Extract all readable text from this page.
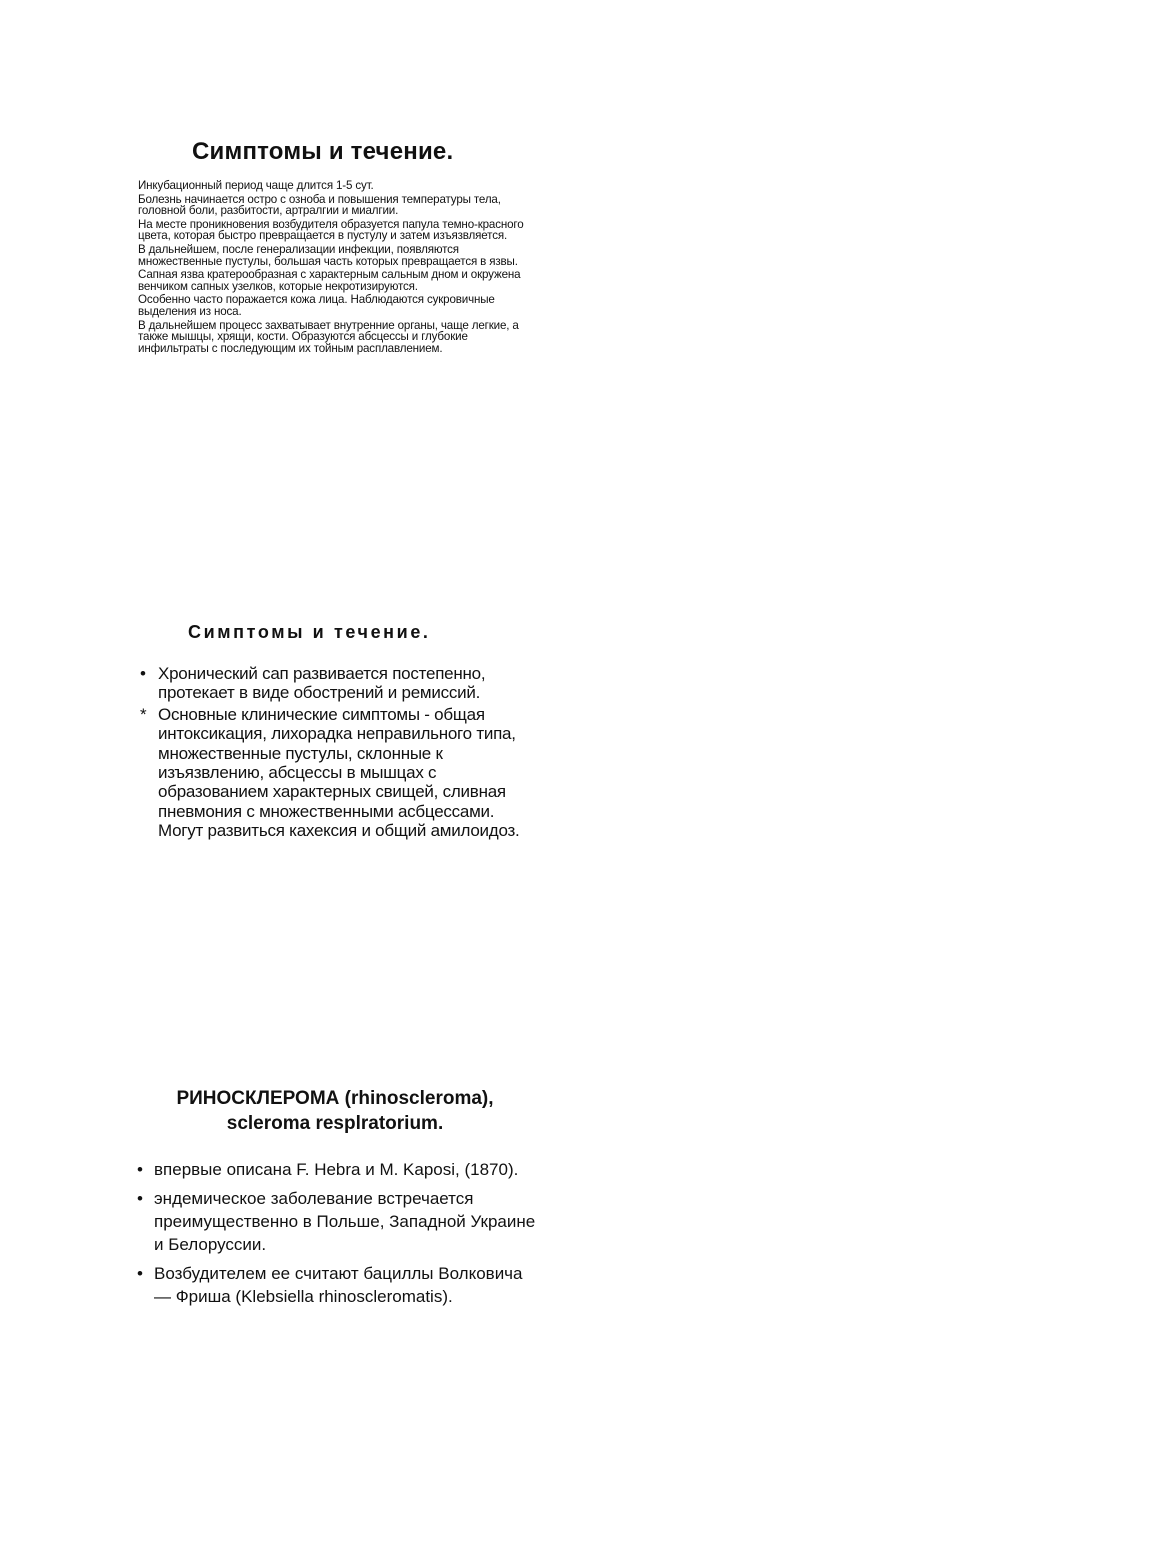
Симптомы и течение.

Инкубационный период чаще длится 1-5 сут.

Болезнь начинается остро с озноба и повышения температуры тела, головной боли, разбитости, артралгии и миалгии.

На месте проникновения возбудителя образуется папула темно-красного цвета, которая быстро превращается в пустулу и затем изъязвляется.

В дальнейшем, после генерализации инфекции, появляются множественные пустулы, большая часть которых превращается в язвы.

Сапная язва кратерообразная с характерным сальным дном и окружена венчиком сапных узелков, которые некротизируются.

Особенно часто поражается кожа лица. Наблюдаются сукровичные выделения из носа.

В дальнейшем процесс захватывает внутренние органы, чаще легкие, а также мышцы, хрящи, кости. Образуются абсцессы и глубокие инфильтраты с последующим их тойным расплавлением.

Симптомы и течение.
• Хронический сап развивается постепенно, протекает в виде обострений и ремиссий.
* Основные клинические симптомы - общая интоксикация, лихорадка неправильного типа, множественные пустулы, склонные к изъязвлению, абсцессы в мышцах с образованием характерных свищей, сливная пневмония с множественными асбцессами. Могут развиться кахексия и общий амилоидоз.
РИНОСКЛЕРОМА (rhinoscleroma),
scleroma resplratorium.
• впервые описана F. Hebra и M. Kaposi, (1870).
• эндемическое заболевание встречается преимущественно в Польше, Западной Украине и Белоруссии.
• Возбудителем ее считают бациллы Волковича — Фриша (Klebsiella rhinoscleromatis).
